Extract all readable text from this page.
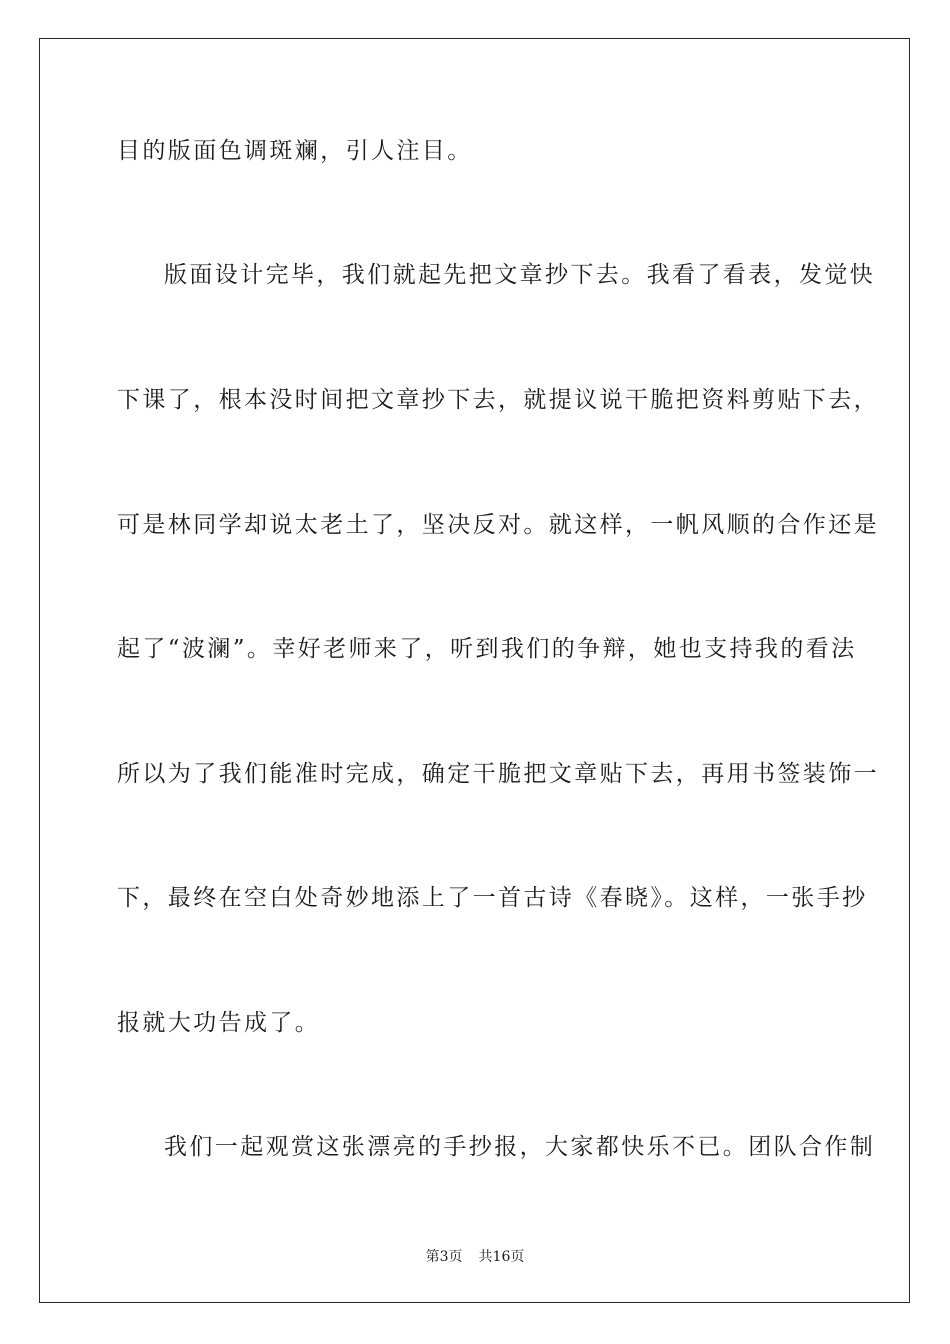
目的版面色调斑斓，引人注目。

版面设计完毕，我们就起先把文章抄下去。我看了看表，发觉快

下课了，根本没时间把文章抄下去，就提议说干脆把资料剪贴下去，

可是林同学却说太老土了，坚决反对。就这样，一帆风顺的合作还是

起了“波澜”。幸好老师来了，听到我们的争辩，她也支持我的看法

所以为了我们能准时完成，确定干脆把文章贴下去，再用书签装饰一

下，最终在空白处奇妙地添上了一首古诗《春晓》。这样，一张手抄

报就大功告成了。

我们一起观赏这张漂亮的手抄报，大家都快乐不已。团队合作制

第3页 共16页
